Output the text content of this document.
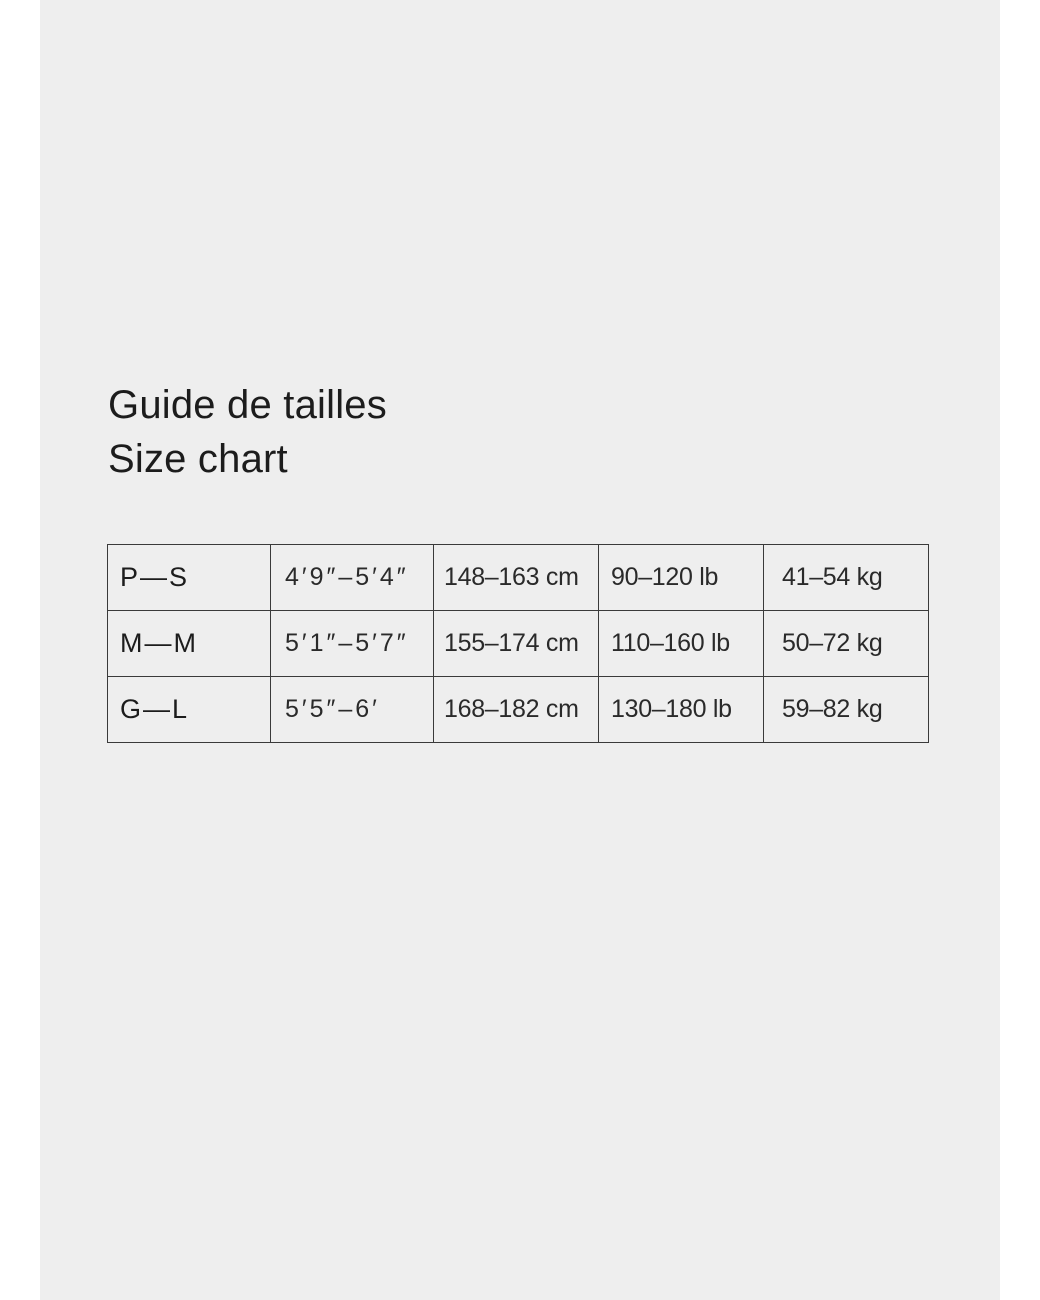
Guide de tailles
Size chart
P—S	4′9″–5′4″	148–163 cm	90–120 lb	41–54 kg
M—M	5′1″–5′7″	155–174 cm	110–160 lb	50–72 kg
G—L	5′5″–6′	168–182 cm	130–180 lb	59–82 kg
